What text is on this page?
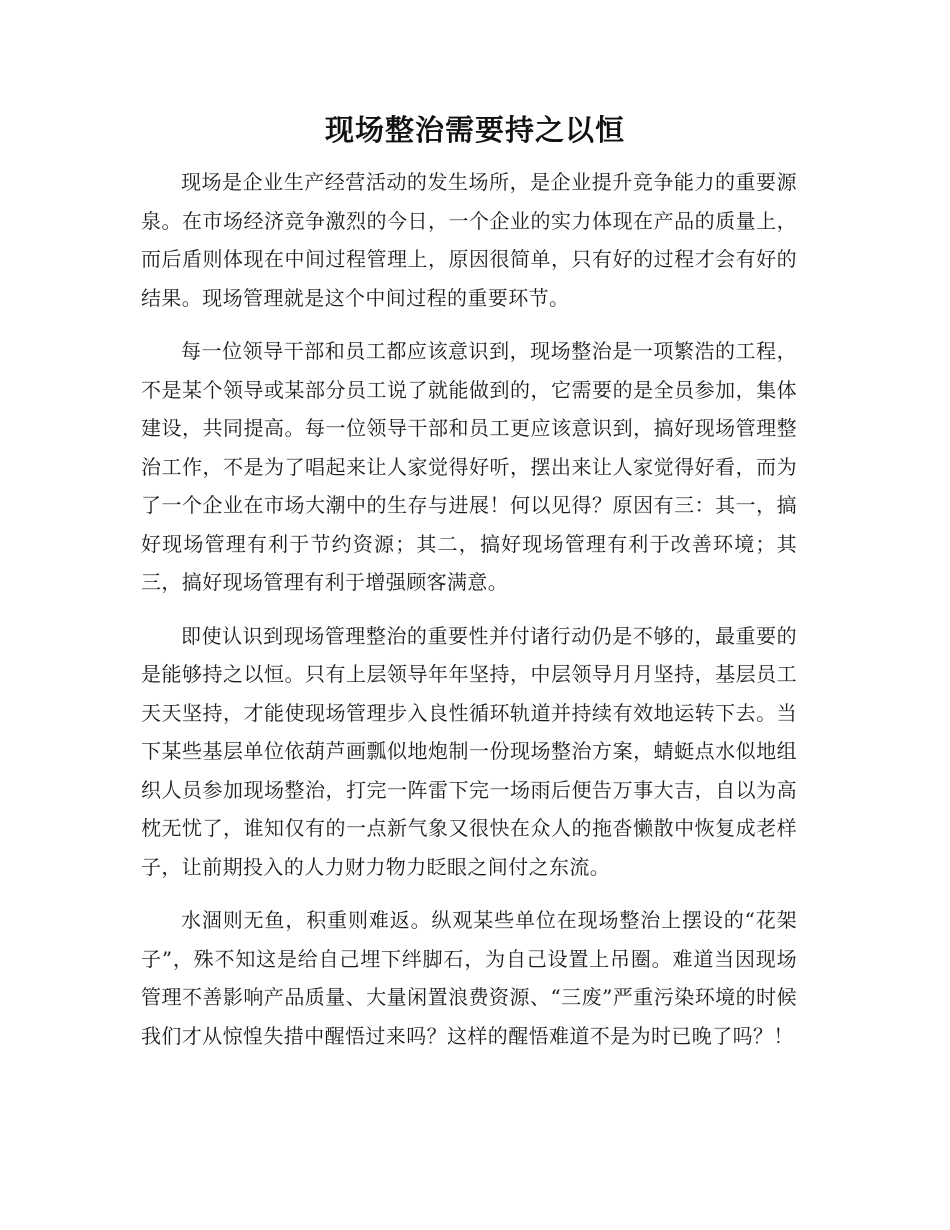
现场整治需要持之以恒

现场是企业生产经营活动的发生场所，是企业提升竞争能力的重要源泉。在市场经济竞争激烈的今日，一个企业的实力体现在产品的质量上，而后盾则体现在中间过程管理上，原因很简单，只有好的过程才会有好的结果。现场管理就是这个中间过程的重要环节。

每一位领导干部和员工都应该意识到，现场整治是一项繁浩的工程，不是某个领导或某部分员工说了就能做到的，它需要的是全员参加，集体建设，共同提高。每一位领导干部和员工更应该意识到，搞好现场管理整治工作，不是为了唱起来让人家觉得好听，摆出来让人家觉得好看，而为了一个企业在市场大潮中的生存与进展！何以见得？原因有三：其一，搞好现场管理有利于节约资源；其二，搞好现场管理有利于改善环境；其三，搞好现场管理有利于增强顾客满意。

即使认识到现场管理整治的重要性并付诸行动仍是不够的，最重要的是能够持之以恒。只有上层领导年年坚持，中层领导月月坚持，基层员工天天坚持，才能使现场管理步入良性循环轨道并持续有效地运转下去。当下某些基层单位依葫芦画瓢似地炮制一份现场整治方案，蜻蜓点水似地组织人员参加现场整治，打完一阵雷下完一场雨后便告万事大吉，自以为高枕无忧了，谁知仅有的一点新气象又很快在众人的拖沓懒散中恢复成老样子，让前期投入的人力财力物力眨眼之间付之东流。

水涸则无鱼，积重则难返。纵观某些单位在现场整治上摆设的“花架子”，殊不知这是给自己埋下绊脚石，为自己设置上吊圈。难道当因现场管理不善影响产品质量、大量闲置浪费资源、“三废”严重污染环境的时候我们才从惊惶失措中醒悟过来吗？这样的醒悟难道不是为时已晚了吗？！
